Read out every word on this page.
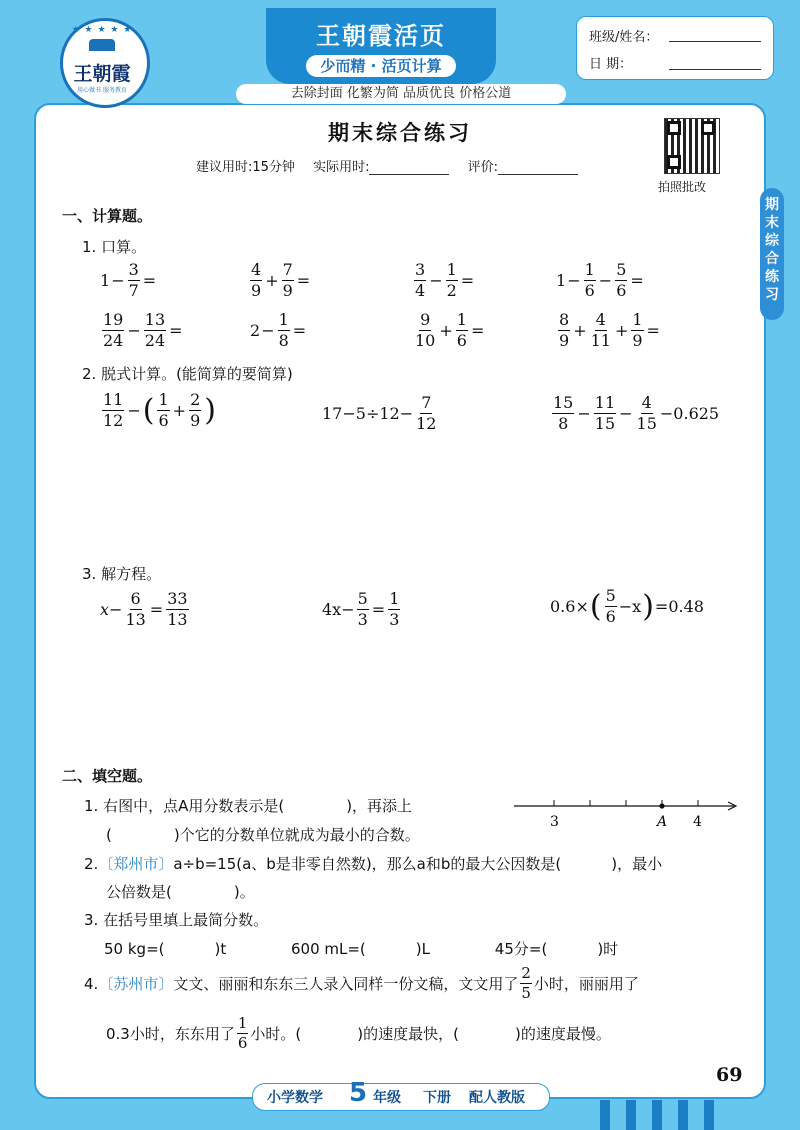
★ ★ ★ ★ ★
王朝霞
用心做书 服务教育
王朝霞活页
少而精 · 活页计算
去除封面 化繁为简 品质优良 价格公道
班级/姓名：
日 期：
期末综合练习
期末综合练习
建议用时:15分钟 实际用时:	评价:
拍照批改
一、计算题。
1. 口算。
$1 - \frac{3}{7}$ =	$\frac{4}{9} + \frac{7}{9}$ =	$\frac{3}{4} - \frac{1}{2}$ =	$1 - \frac{1}{6} - \frac{5}{6}$ =
$\frac{19}{24} - \frac{13}{24}$ =	$2 - \frac{1}{8}$ =	$\frac{9}{10} + \frac{1}{6}$ =	$\frac{8}{9} + \frac{4}{11} + \frac{1}{9}$ =
2. 脱式计算。(能简算的要简算)
$\frac{11}{12}$ − ( $\frac{1}{6} + \frac{2}{9}$ )	$17-5\div 12- \frac{7}{12}$	$\frac{15}{8} - \frac{11}{15} - \frac{4}{15} -0.625$
3. 解方程。
$x- \frac{6}{13} = \frac{33}{13}$	$4x- \frac{5}{3} = \frac{1}{3}$	0.6× ( $\frac{5}{6} -x$ ) =0.48
二、填空题。
1. 右图中，点A用分数表示是(	)，再添上
(	)个它的分数单位就成为最小的合数。
3	A 4
2.〔郑州市〕a÷b=15(a、b是非零自然数)，那么a和b的最大公因数是(	)，最小
公倍数是(	)。
3. 在括号里填上最简分数。
50 kg=(	)t	600 mL=(	)L	45分=(	)时
4. 〔苏州市〕 文文、丽丽和东东三人录入同样一份文稿，文文用了 $\frac{2}{5}$ 小时，丽丽用了
0.3小时，东东用了 $\frac{1}{6}$ 小时。(	)的速度最快，(	)的速度最慢。
69
小学数学 5 年级 下册 配人教版
